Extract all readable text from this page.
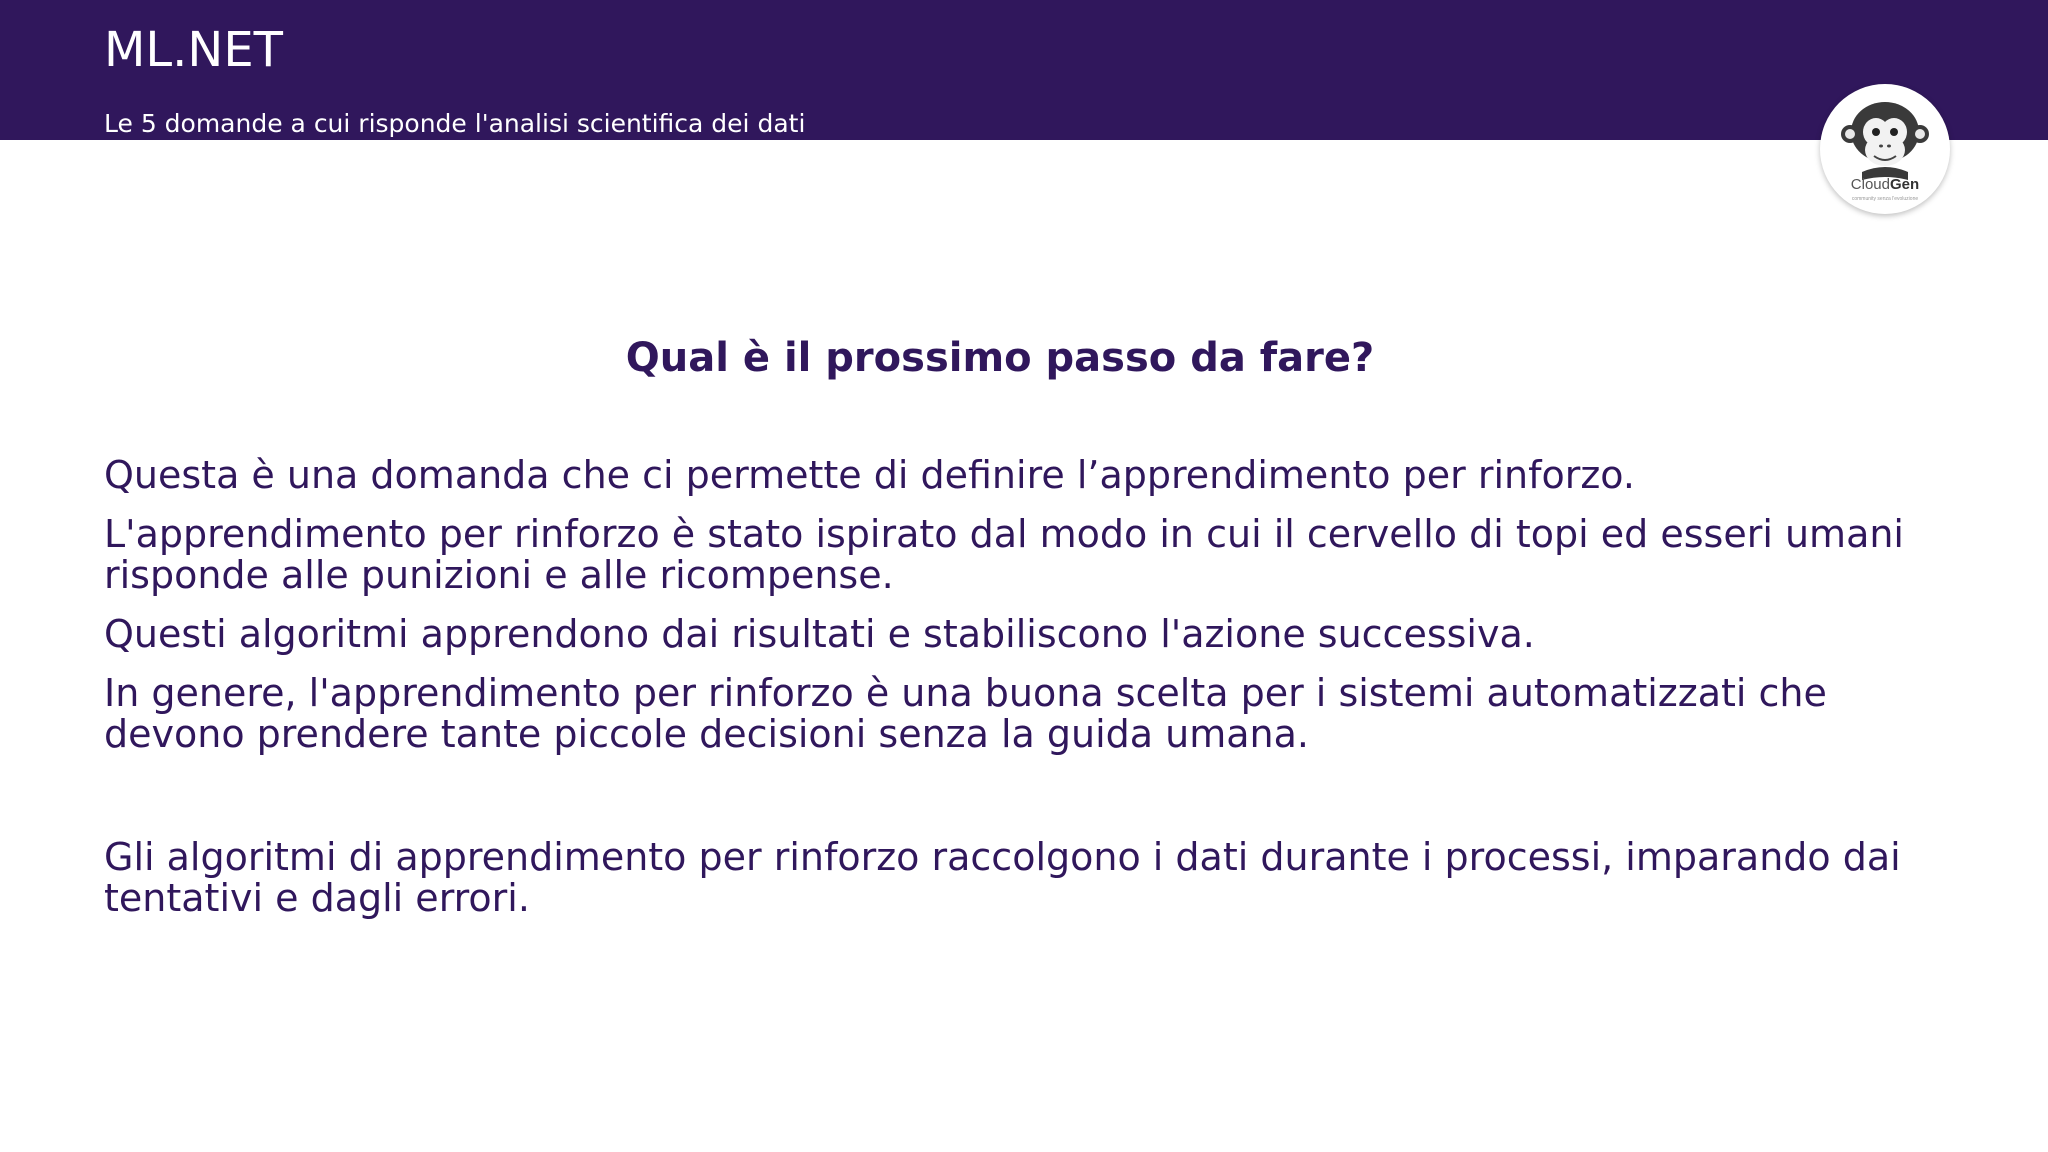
ML.NET
Le 5 domande a cui risponde l'analisi scientifica dei dati
CloudGen
community senza l'evoluzione
Qual è il prossimo passo da fare?

Questa è una domanda che ci permette di definire l’apprendimento per rinforzo.

L'apprendimento per rinforzo è stato ispirato dal modo in cui il cervello di topi ed esseri umani risponde alle punizioni e alle ricompense.

Questi algoritmi apprendono dai risultati e stabiliscono l'azione successiva.

In genere, l'apprendimento per rinforzo è una buona scelta per i sistemi automatizzati che devono prendere tante piccole decisioni senza la guida umana.

Gli algoritmi di apprendimento per rinforzo raccolgono i dati durante i processi, imparando dai tentativi e dagli errori.
